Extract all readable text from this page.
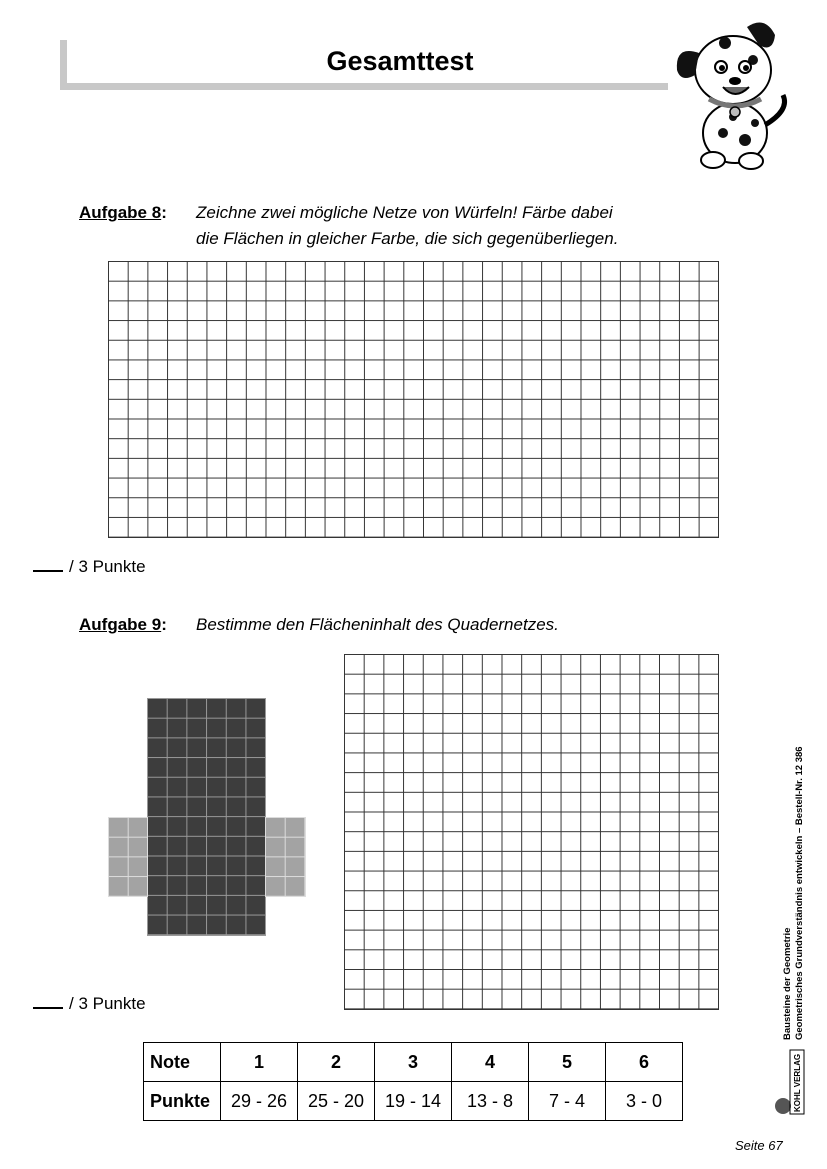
Gesamttest
Aufgabe 8: Zeichne zwei mögliche Netze von Würfeln! Färbe dabei
die Flächen in gleicher Farbe, die sich gegenüberliegen.
/ 3 Punkte
Aufgabe 9: Bestimme den Flächeninhalt des Quadernetzes.
/ 3 Punkte
Note	1	2	3	4	5	6
Punkte	29 - 26	25 - 20	19 - 14	13 - 8	7 - 4	3 - 0
Bausteine der Geometrie Geometrisches Grundverständnis entwickeln – Bestell-Nr. 12 386
KOHL VERLAG
Seite 67
